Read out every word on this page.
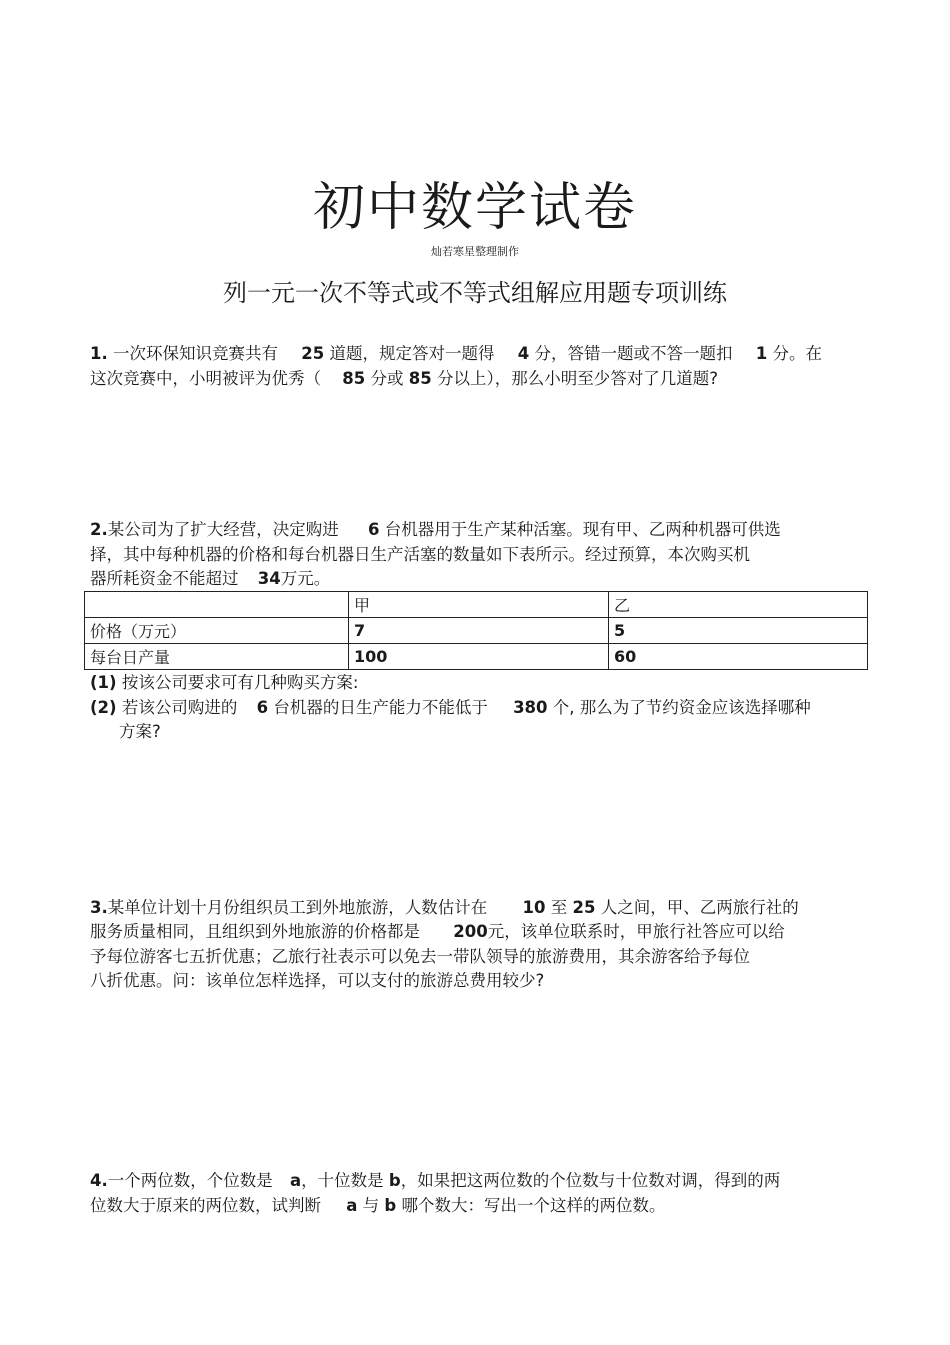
初中数学试卷
灿若寒星整理制作
列一元一次不等式或不等式组解应用题专项训练
1. 一次环保知识竞赛共有 25 道题，规定答对一题得 4 分，答错一题或不答一题扣 1 分。在
这次竞赛中，小明被评为优秀（ 85 分或 85 分以上），那么小明至少答对了几道题?
2.某公司为了扩大经营，决定购进 6 台机器用于生产某种活塞。现有甲、乙两种机器可供选
择，其中每种机器的价格和每台机器日生产活塞的数量如下表所示。经过预算，本次购买机
器所耗资金不能超过 34万元。
	甲	乙
价格（万元）	7	5
每台日产量	100	60
(1) 按该公司要求可有几种购买方案:
(2) 若该公司购进的 6 台机器的日生产能力不能低于 380 个, 那么为了节约资金应该选择哪种
方案?
3.某单位计划十月份组织员工到外地旅游，人数估计在 10 至 25 人之间，甲、乙两旅行社的
服务质量相同，且组织到外地旅游的价格都是 200元，该单位联系时，甲旅行社答应可以给
予每位游客七五折优惠；乙旅行社表示可以免去一带队领导的旅游费用，其余游客给予每位
八折优惠。问：该单位怎样选择，可以支付的旅游总费用较少?
4.一个两位数，个位数是 a，十位数是 b，如果把这两位数的个位数与十位数对调，得到的两
位数大于原来的两位数，试判断 a 与 b 哪个数大：写出一个这样的两位数。
